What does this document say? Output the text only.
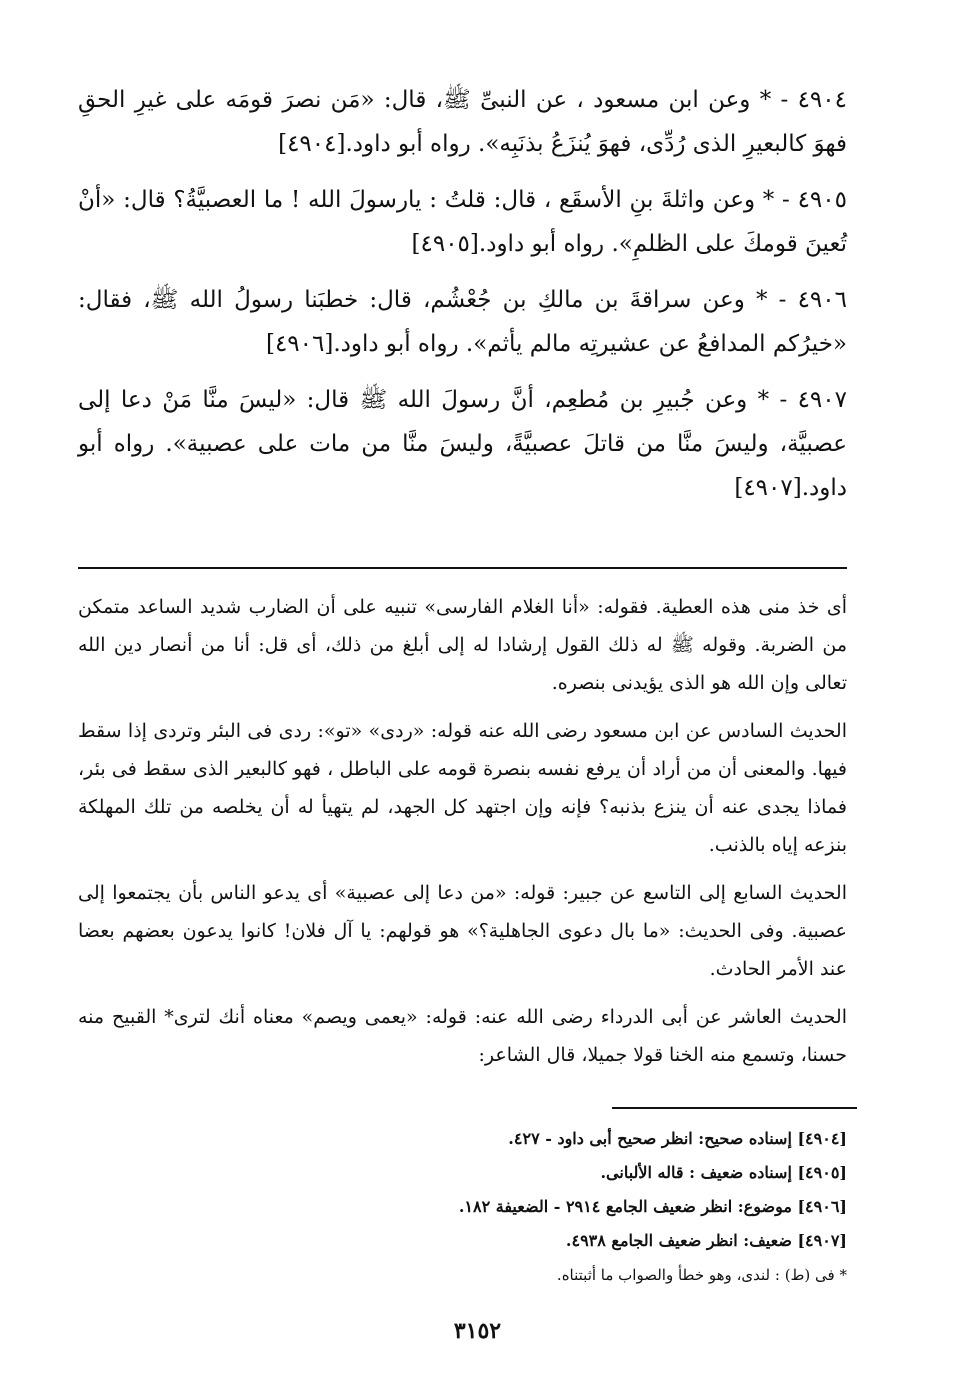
٤٩٠٤ - * وعن ابن مسعود ، عن النبىِّ ﷺ، قال: «مَن نصرَ قومَه على غيرِ الحقِ فهوَ كالبعيرِ الذى رُدِّى، فهوَ يُنزَعُ بذنَبِه». رواه أبو داود.[٤٩٠٤]

٤٩٠٥ - * وعن واثلةَ بنِ الأسقَع ، قال: قلتُ : يارسولَ الله ! ما العصبيَّةُ؟ قال: «أنْ تُعينَ قومكَ على الظلمِ». رواه أبو داود.[٤٩٠٥]

٤٩٠٦ - * وعن سراقةَ بن مالكِ بن جُعْشُم، قال: خطبَنا رسولُ الله ﷺ، فقال: «خيرُكم المدافعُ عن عشيرتِه مالم يأثم». رواه أبو داود.[٤٩٠٦]

٤٩٠٧ - * وعن جُبيرِ بن مُطعِم، أنَّ رسولَ الله ﷺ قال: «ليسَ منَّا مَنْ دعا إلى عصبيَّة، وليسَ منَّا من قاتلَ عصبيَّةً، وليسَ منَّا من مات على عصبية». رواه أبو داود.[٤٩٠٧]

أى خذ منى هذه العطية. فقوله: «أنا الغلام الفارسى» تنبيه على أن الضارب شديد الساعد متمكن من الضربة. وقوله ﷺ له ذلك القول إرشادا له إلى أبلغ من ذلك، أى قل: أنا من أنصار دين الله تعالى وإن الله هو الذى يؤيدنى بنصره.

الحديث السادس عن ابن مسعود رضى الله عنه قوله: «ردى» «تو»: ردى فى البئر وتردى إذا سقط فيها. والمعنى أن من أراد أن يرفع نفسه بنصرة قومه على الباطل ، فهو كالبعير الذى سقط فى بئر، فماذا يجدى عنه أن ينزع بذنبه؟ فإنه وإن اجتهد كل الجهد، لم يتهيأ له أن يخلصه من تلك المهلكة بنزعه إياه بالذنب.

الحديث السابع إلى التاسع عن جبير: قوله: «من دعا إلى عصبية» أى يدعو الناس بأن يجتمعوا إلى عصبية. وفى الحديث: «ما بال دعوى الجاهلية؟» هو قولهم: يا آل فلان! كانوا يدعون بعضهم بعضا عند الأمر الحادث.

الحديث العاشر عن أبى الدرداء رضى الله عنه: قوله: «يعمى ويصم» معناه أنك لترى* القبيح منه حسنا، وتسمع منه الخنا قولا جميلا، قال الشاعر:

[٤٩٠٤] إسناده صحيح: انظر صحيح أبى داود - ٤٢٧.
[٤٩٠٥] إسناده ضعيف : قاله الألبانى.
[٤٩٠٦] موضوع: انظر ضعيف الجامع ٢٩١٤ - الضعيفة ١٨٢.
[٤٩٠٧] ضعيف: انظر ضعيف الجامع ٤٩٣٨.
* فى (ط) : لندى، وهو خطأ والصواب ما أثبتناه.
٣١٥٢
